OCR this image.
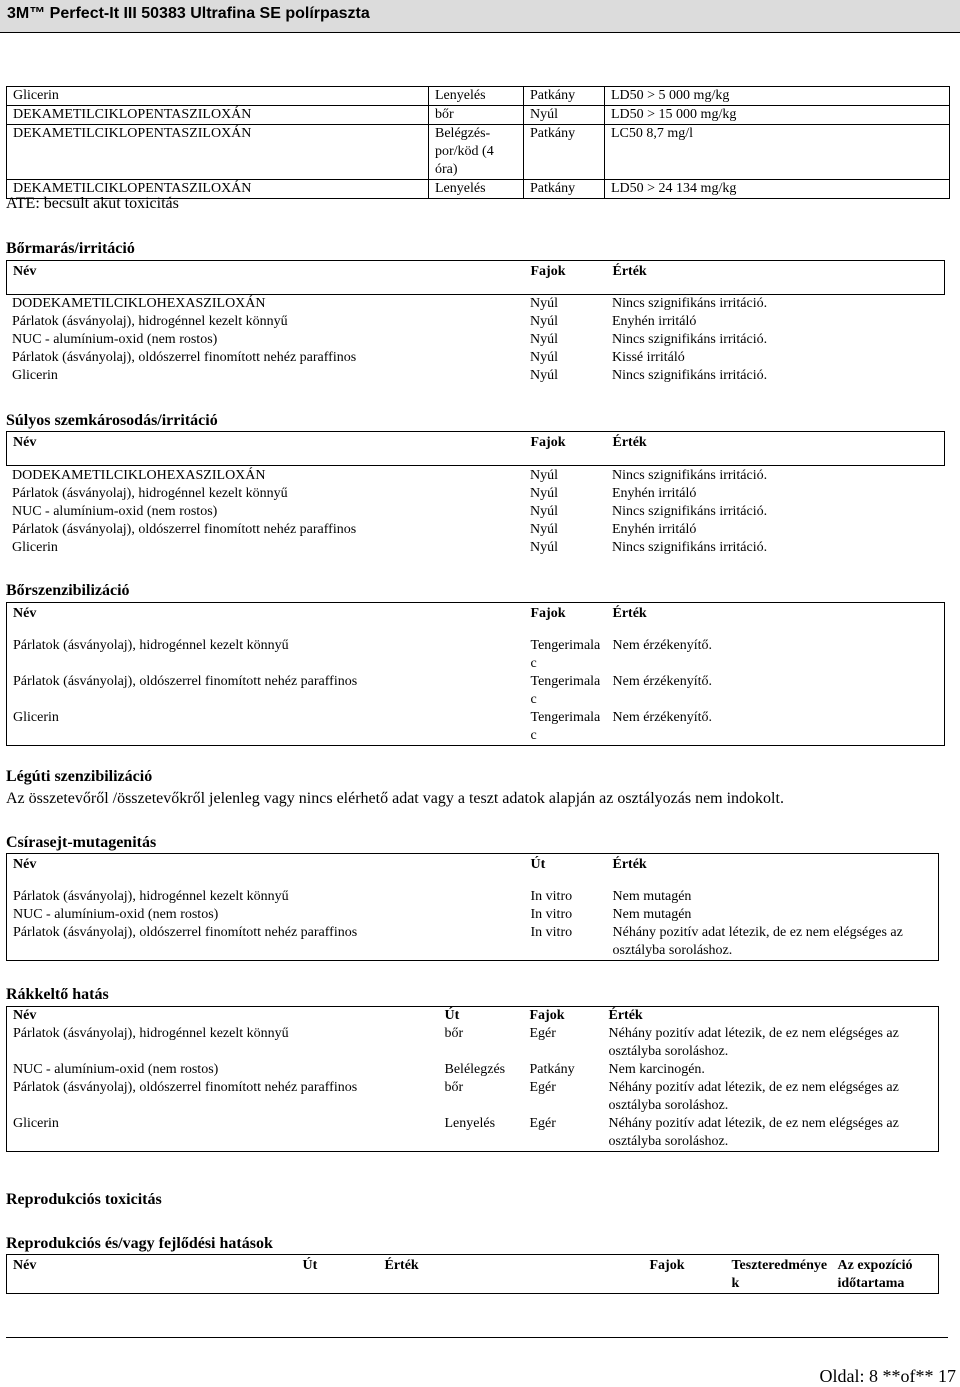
3M™ Perfect-It III 50383 Ultrafina SE polírpaszta
Glicerin	Lenyelés	Patkány	LD50 > 5 000 mg/kg
DEKAMETILCIKLOPENTASZILOXÁN	bőr	Nyúl	LD50 > 15 000 mg/kg
DEKAMETILCIKLOPENTASZILOXÁN	Belégzés-por/köd (4 óra)	Patkány	LC50 8,7 mg/l
DEKAMETILCIKLOPENTASZILOXÁN	Lenyelés	Patkány	LD50 > 24 134 mg/kg
ATE: becsült akut toxicitás
Bőrmarás/irritáció
Név	Fajok	Érték
DODEKAMETILCIKLOHEXASZILOXÁN	Nyúl	Nincs szignifikáns irritáció.
Párlatok (ásványolaj), hidrogénnel kezelt könnyű	Nyúl	Enyhén irritáló
NUC - alumínium-oxid (nem rostos)	Nyúl	Nincs szignifikáns irritáció.
Párlatok (ásványolaj), oldószerrel finomított nehéz paraffinos	Nyúl	Kissé irritáló
Glicerin	Nyúl	Nincs szignifikáns irritáció.
Súlyos szemkárosodás/irritáció
Név	Fajok	Érték
DODEKAMETILCIKLOHEXASZILOXÁN	Nyúl	Nincs szignifikáns irritáció.
Párlatok (ásványolaj), hidrogénnel kezelt könnyű	Nyúl	Enyhén irritáló
NUC - alumínium-oxid (nem rostos)	Nyúl	Nincs szignifikáns irritáció.
Párlatok (ásványolaj), oldószerrel finomított nehéz paraffinos	Nyúl	Enyhén irritáló
Glicerin	Nyúl	Nincs szignifikáns irritáció.
Bőrszenzibilizáció
Név	Fajok	Érték
Párlatok (ásványolaj), hidrogénnel kezelt könnyű	Tengerimalac	Nem érzékenyítő.
Párlatok (ásványolaj), oldószerrel finomított nehéz paraffinos	Tengerimalac	Nem érzékenyítő.
Glicerin	Tengerimalac	Nem érzékenyítő.
Légúti szenzibilizáció
Az összetevőről /összetevőkről jelenleg vagy nincs elérhető adat vagy a teszt adatok alapján az osztályozás nem indokolt.
Csírasejt-mutagenitás
Név	Út	Érték
Párlatok (ásványolaj), hidrogénnel kezelt könnyű	In vitro	Nem mutagén
NUC - alumínium-oxid (nem rostos)	In vitro	Nem mutagén
Párlatok (ásványolaj), oldószerrel finomított nehéz paraffinos	In vitro	Néhány pozitív adat létezik, de ez nem elégséges az osztályba soroláshoz.
Rákkeltő hatás
Név	Út	Fajok	Érték
Párlatok (ásványolaj), hidrogénnel kezelt könnyű	bőr	Egér	Néhány pozitív adat létezik, de ez nem elégséges az osztályba soroláshoz.
NUC - alumínium-oxid (nem rostos)	Belélegzés	Patkány	Nem karcinogén.
Párlatok (ásványolaj), oldószerrel finomított nehéz paraffinos	bőr	Egér	Néhány pozitív adat létezik, de ez nem elégséges az osztályba soroláshoz.
Glicerin	Lenyelés	Egér	Néhány pozitív adat létezik, de ez nem elégséges az osztályba soroláshoz.
Reprodukciós toxicitás
Reprodukciós és/vagy fejlődési hatások
Név	Út	Érték	Fajok	Teszteredmények	Az expozíció időtartama
Oldal: 8 **of** 17
